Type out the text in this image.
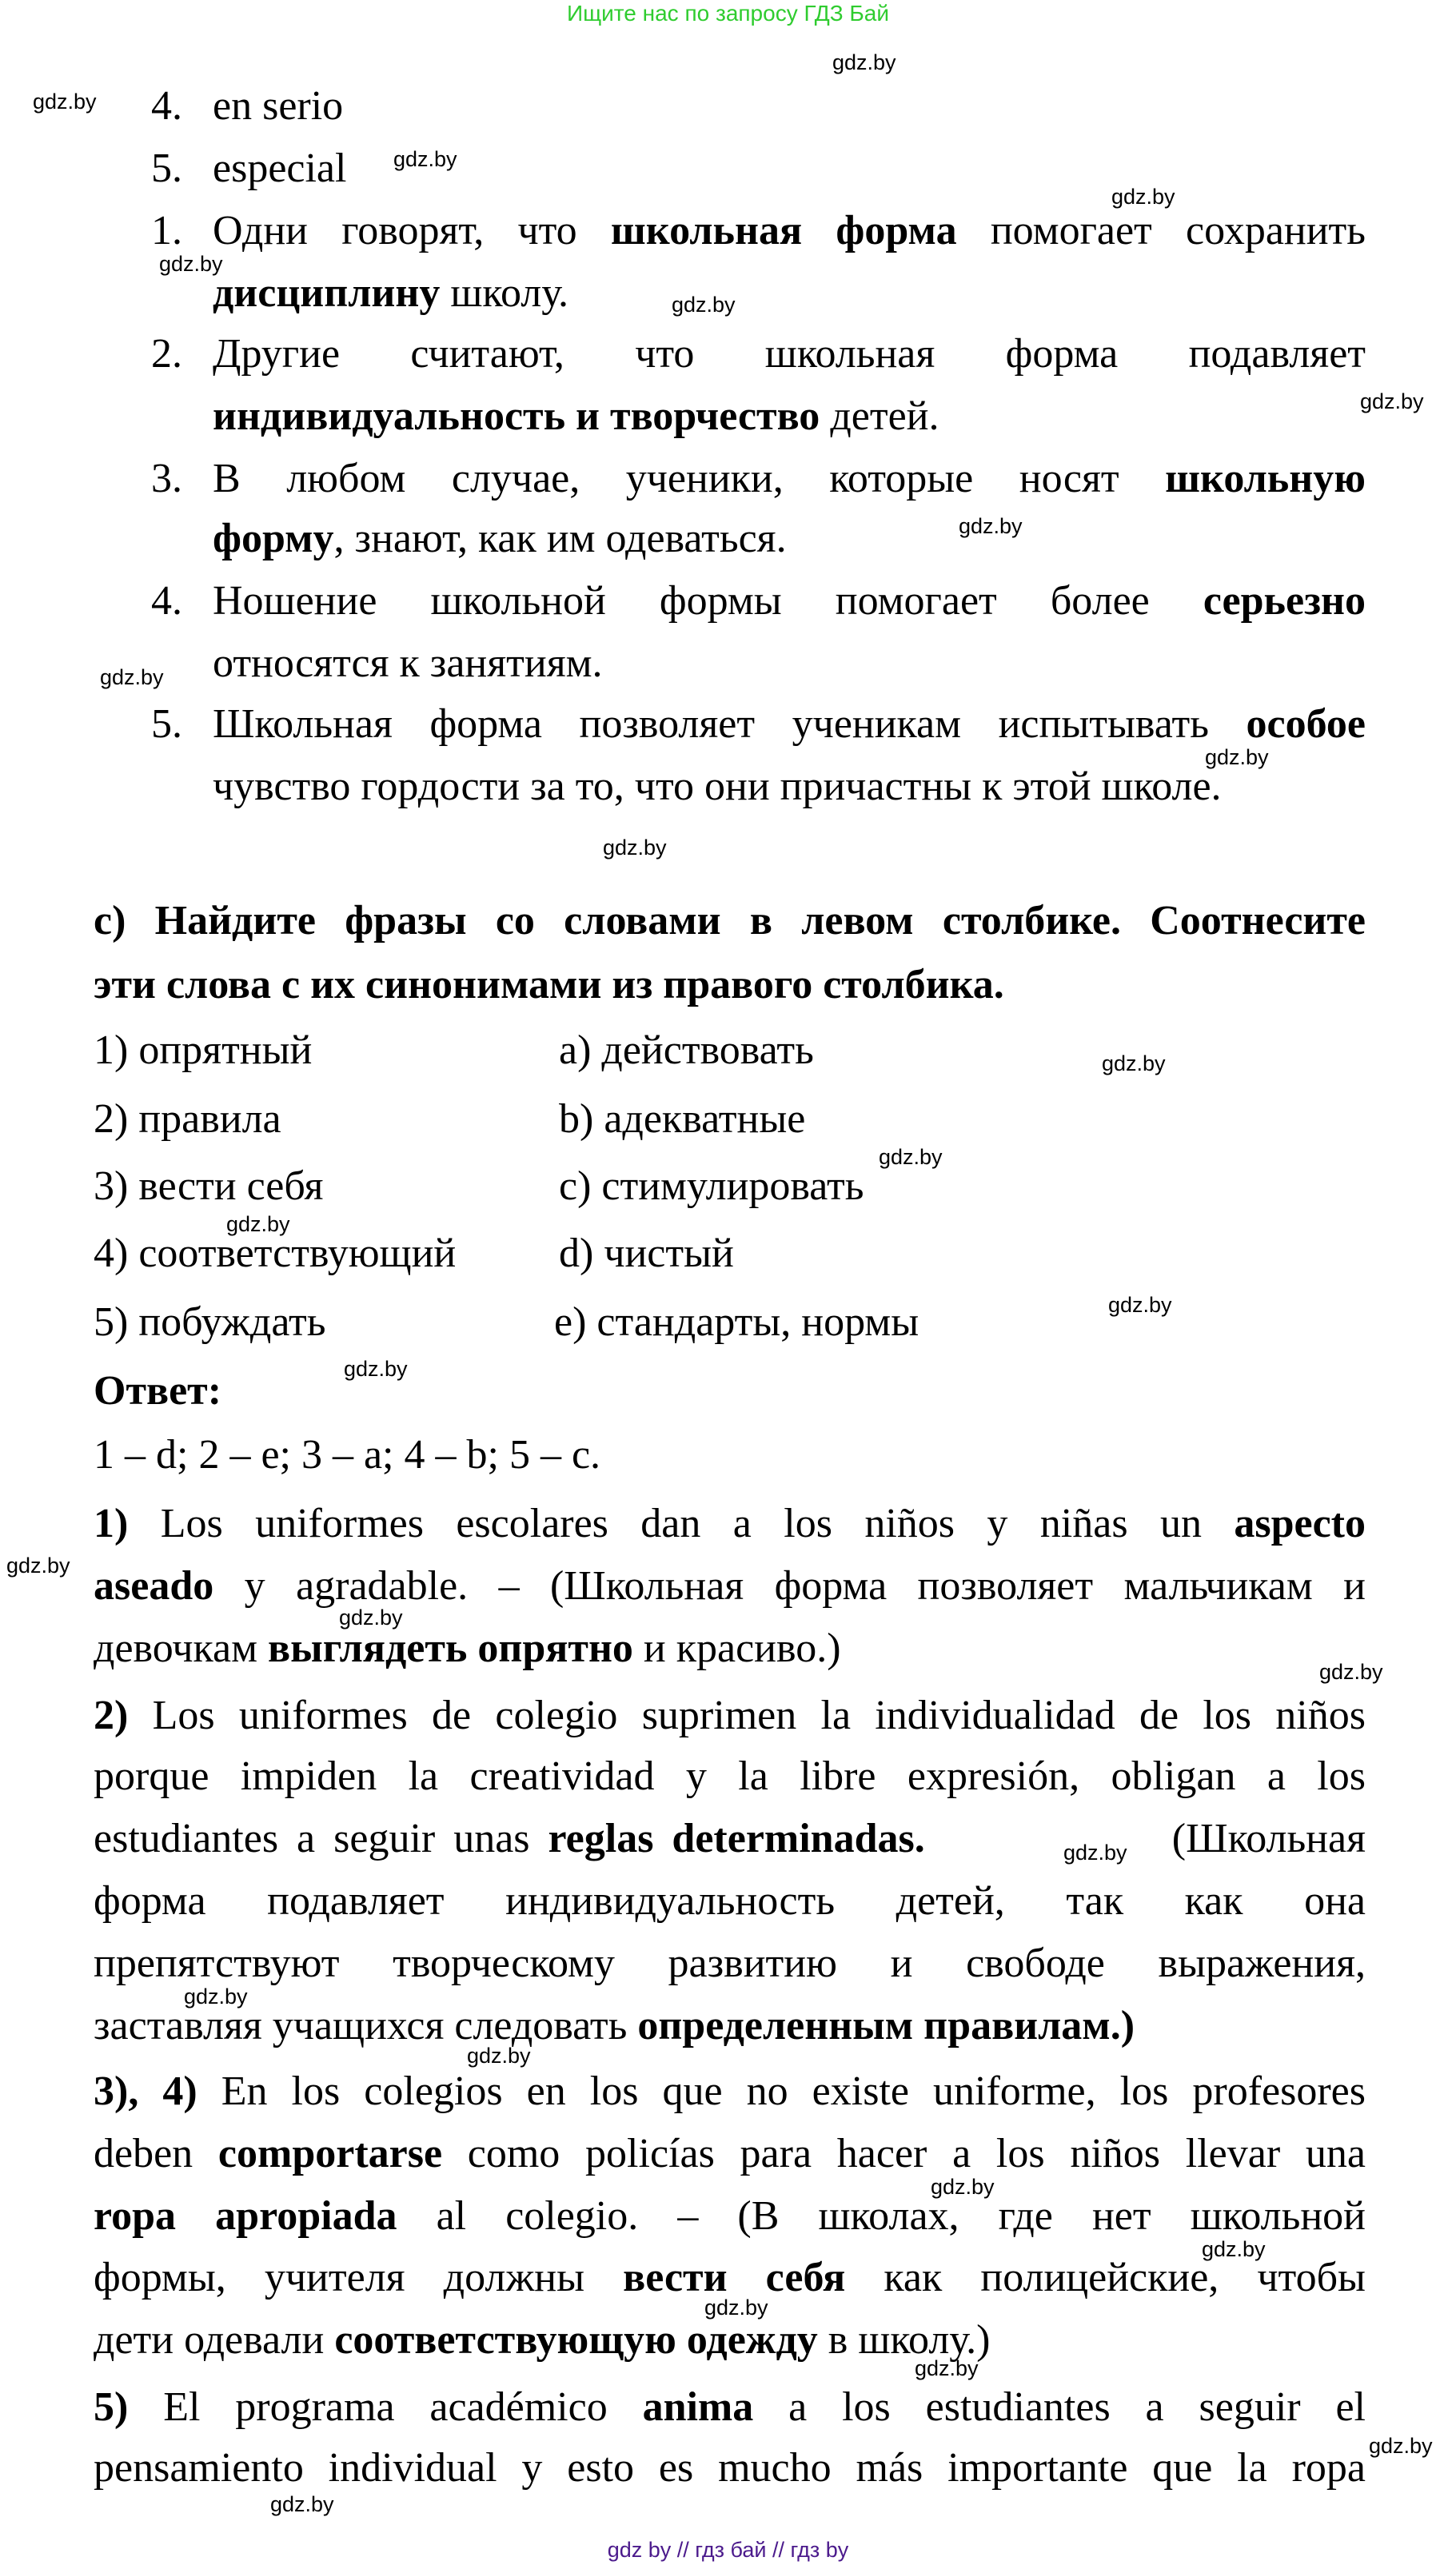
Ищите нас по запросу ГДЗ Бай
4. en serio
5. especial
1. Одни говорят, что школьная форма помогает сохранить
дисциплину школу.
2. Другие считают, что школьная форма подавляет
индивидуальность и творчество детей.
3. В любом случае, ученики, которые носят школьную
форму, знают, как им одеваться.
4. Ношение школьной формы помогает более серьезно
относятся к занятиям.
5. Школьная форма позволяет ученикам испытывать особое
чувство гордости за то, что они причастны к этой школе.
c) Найдите фразы со словами в левом столбике. Соотнесите
эти слова с их синонимами из правого столбика.
1) опрятный	a) действовать
2) правила	b) адекватные
3) вести себя	c) стимулировать
4) соответствующий d) чистый
5) побуждать	e) стандарты, нормы
Ответ:
1 – d; 2 – e; 3 – a; 4 – b; 5 – c.
1) Los uniformes escolares dan a los niños y niñas un aspecto
aseado y agradable. – (Школьная форма позволяет мальчикам и
девочкам выглядеть опрятно и красиво.)
2) Los uniformes de colegio suprimen la individualidad de los niños
porque impiden la creatividad y la libre expresión, obligan a los
(Школьная
estudiantes a seguir unas reglas determinadas.
форма подавляет индивидуальность детей, так как она
препятствуют творческому развитию и свободе выражения,
заставляя учащихся следовать определенным правилам.)
3), 4) En los colegios en los que no existe uniforme, los profesores
deben comportarse como policías para hacer a los niños llevar una
ropa apropiada al colegio. – (В школах, где нет школьной
формы, учителя должны вести себя как полицейские, чтобы
дети одевали соответствующую одежду в школу.)
5) El programa académico anima a los estudiantes a seguir el
pensamiento individual y esto es mucho más importante que la ropa
gdz.by
gdz.by
gdz.by
gdz.by
gdz.by
gdz.by
gdz.by
gdz.by
gdz.by
gdz.by
gdz.by
gdz.by
gdz.by
gdz.by
gdz.by
gdz.by
gdz.by
gdz.by
gdz.by
gdz.by
gdz.by
gdz.by
gdz.by
gdz.by
gdz.by
gdz.by
gdz.by
gdz.by
gdz by // гдз бай // гдз by
